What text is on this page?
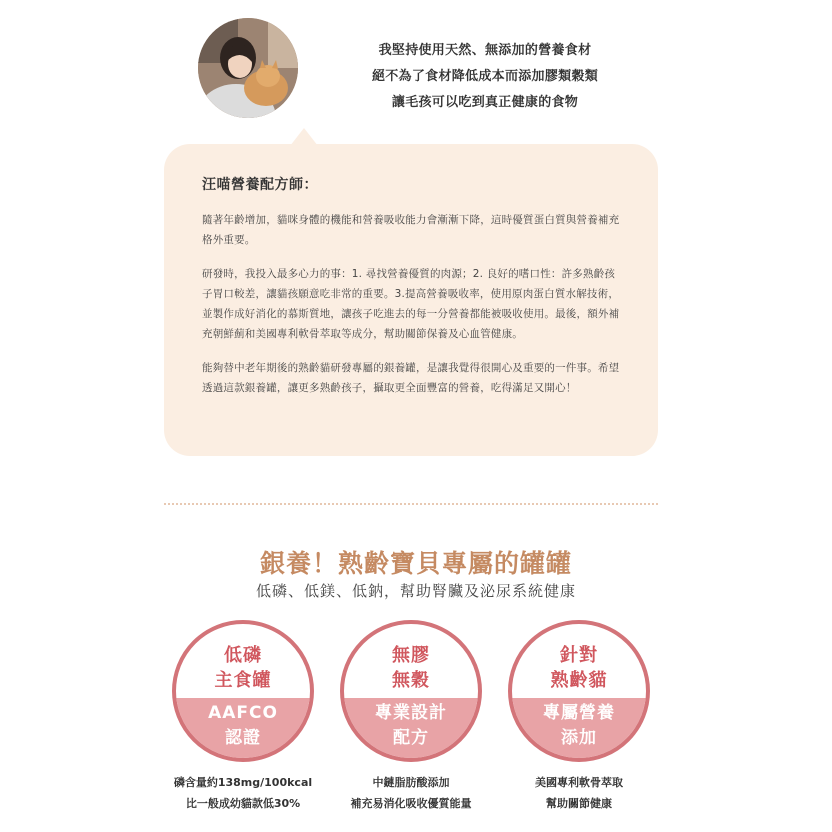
我堅持使用天然、無添加的營養食材

絕不為了食材降低成本而添加膠類穀類

讓毛孩可以吃到真正健康的食物

汪喵營養配方師：

隨著年齡增加，貓咪身體的機能和營養吸收能力會漸漸下降，這時優質蛋白質與營養補充格外重要。

研發時，我投入最多心力的事：1. 尋找營養優質的肉源；2. 良好的嗜口性：許多熟齡孩子胃口較差，讓貓孩願意吃非常的重要。3.提高營養吸收率，使用原肉蛋白質水解技術，並製作成好消化的慕斯質地，讓孩子吃進去的每一分營養都能被吸收使用。最後，額外補充朝鮮薊和美國專利軟骨萃取等成分，幫助關節保養及心血管健康。

能夠替中老年期後的熟齡貓研發專屬的銀養罐，是讓我覺得很開心及重要的一件事。希望透過這款銀養罐，讓更多熟齡孩子，攝取更全面豐富的營養，吃得滿足又開心！

銀養！熟齡寶貝專屬的罐罐
低磷、低鎂、低鈉，幫助腎臟及泌尿系統健康
低磷
主食罐
AAFCO
認證

磷含量約138mg/100kcal

比一般成幼貓款低30%

無膠
無穀
專業設計
配方

中鏈脂肪酸添加

補充易消化吸收優質能量

針對
熟齡貓
專屬營養
添加

美國專利軟骨萃取

幫助關節健康
